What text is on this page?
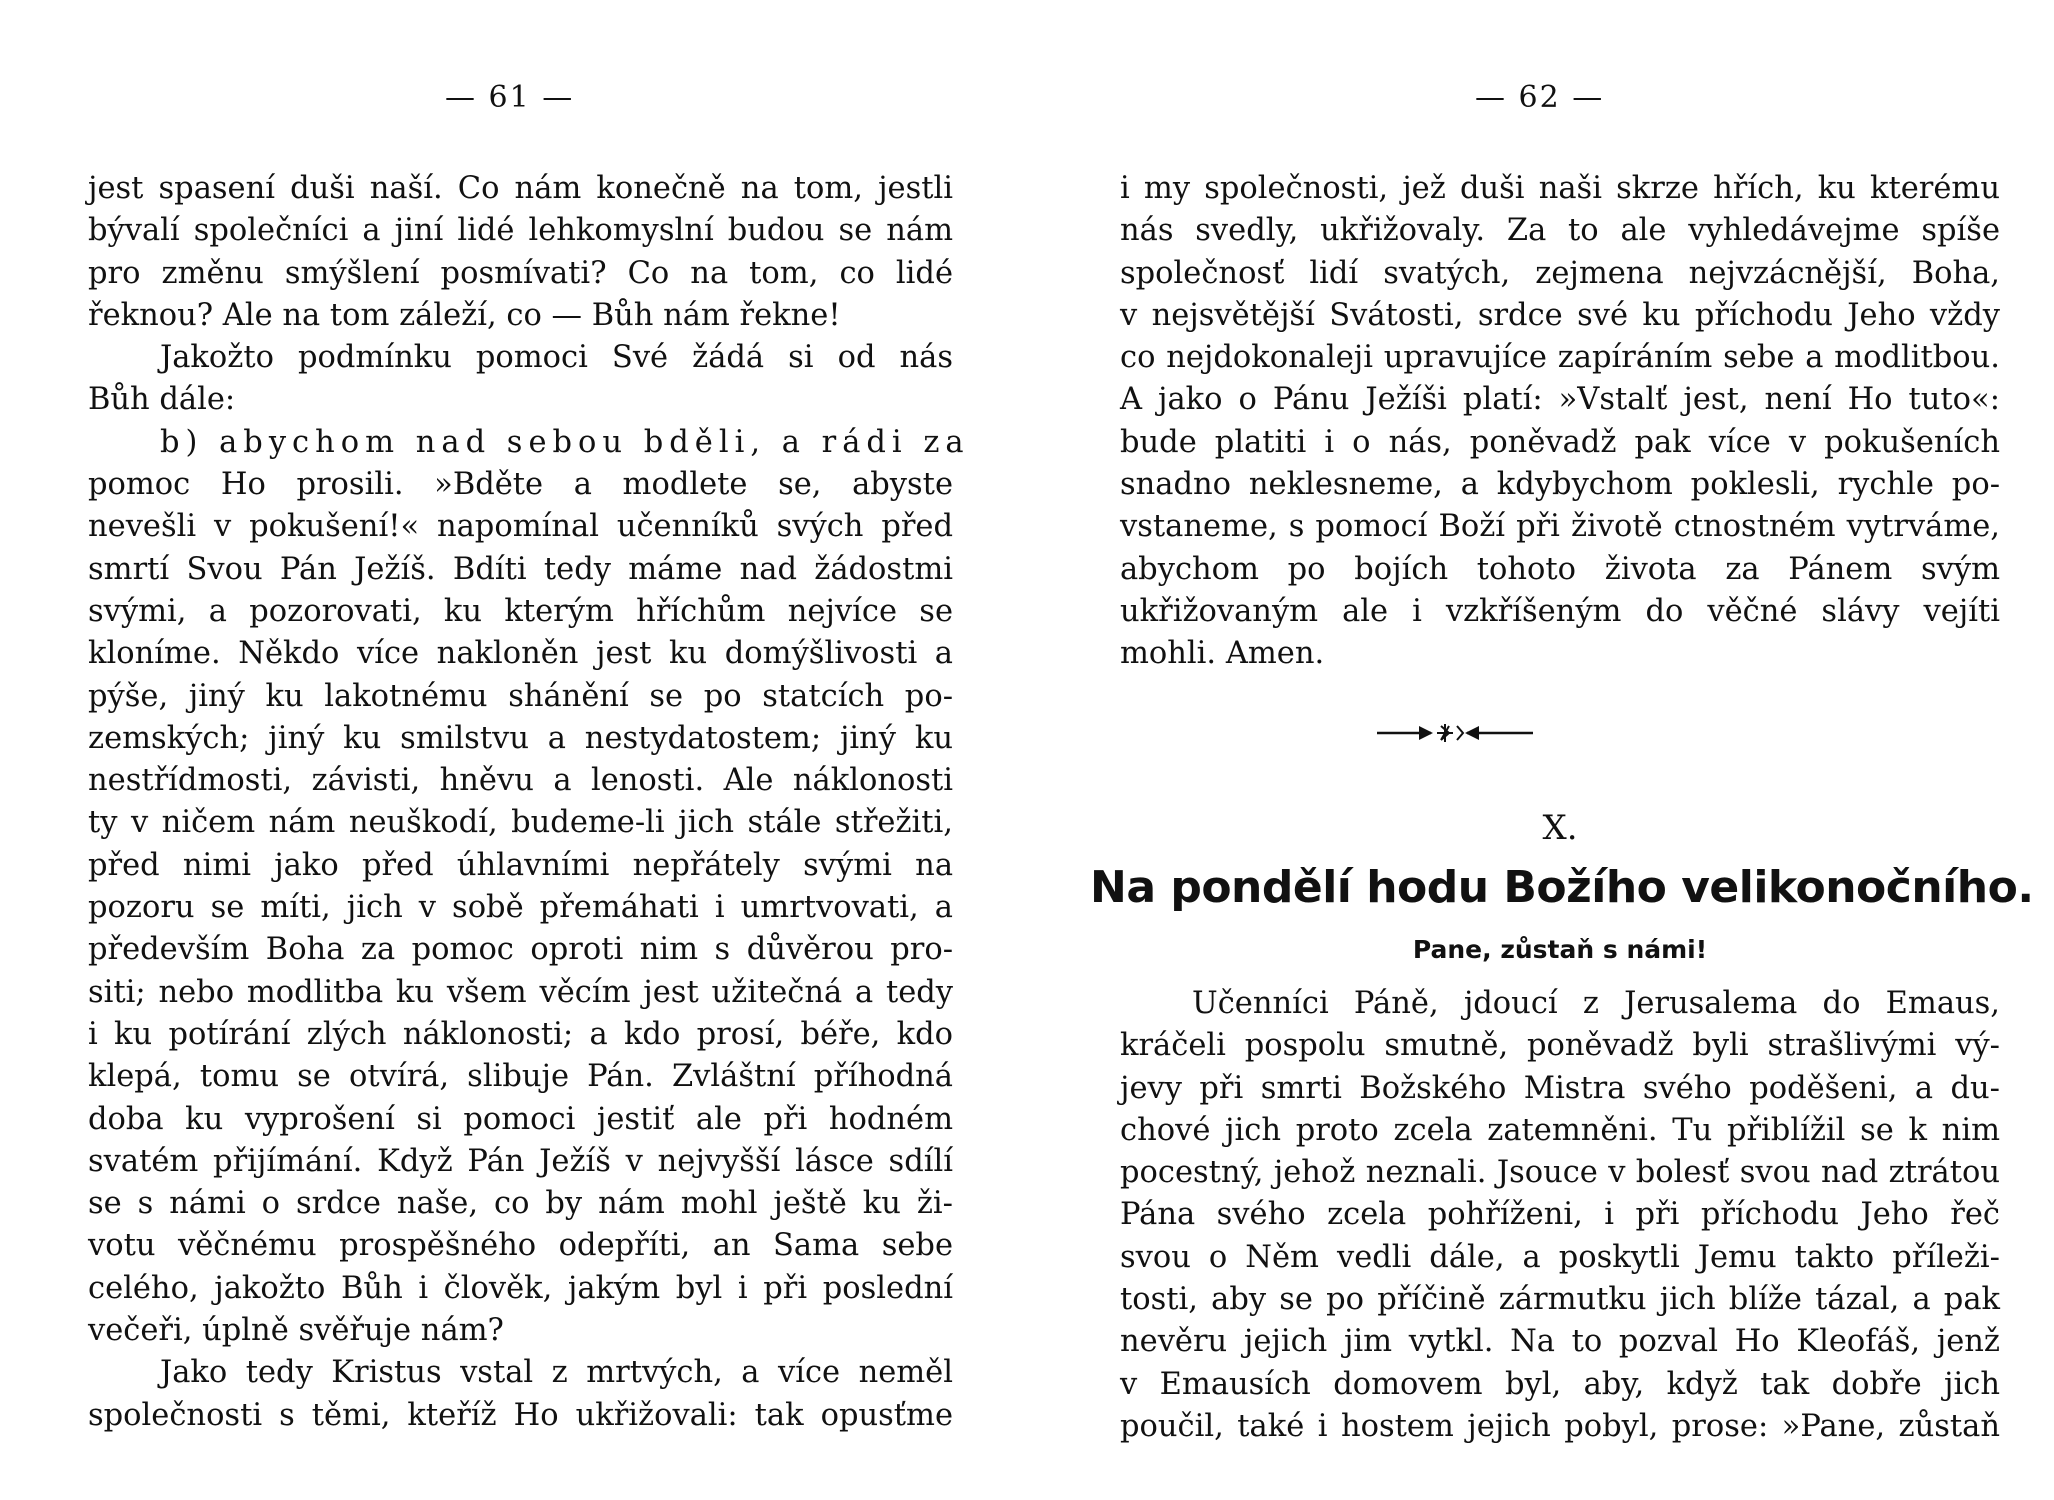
— 61 —
jest spasení duši naší. Co nám konečně na tom, jestli
bývalí společníci a jiní lidé lehkomyslní budou se nám
pro změnu smýšlení posmívati? Co na tom, co lidé
řeknou? Ale na tom záleží, co — Bůh nám řekne!
Jakožto podmínku pomoci Své žádá si od nás
Bůh dále:
b) abychom nad sebou bděli, a rádi za
pomoc Ho prosili. »Bděte a modlete se, abyste
nevešli v pokušení!« napomínal učenníků svých před
smrtí Svou Pán Ježíš. Bdíti tedy máme nad žádostmi
svými, a pozorovati, ku kterým hříchům nejvíce se
kloníme. Někdo více nakloněn jest ku domýšlivosti a
pýše, jiný ku lakotnému shánění se po statcích po-
zemských; jiný ku smilstvu a nestydatostem; jiný ku
nestřídmosti, závisti, hněvu a lenosti. Ale náklonosti
ty v ničem nám neuškodí, budeme-li jich stále střežiti,
před nimi jako před úhlavními nepřátely svými na
pozoru se míti, jich v sobě přemáhati i umrtvovati, a
především Boha za pomoc oproti nim s důvěrou pro-
siti; nebo modlitba ku všem věcím jest užitečná a tedy
i ku potírání zlých náklonosti; a kdo prosí, béře, kdo
klepá, tomu se otvírá, slibuje Pán. Zvláštní příhodná
doba ku vyprošení si pomoci jestiť ale při hodném
svatém přijímání. Když Pán Ježíš v nejvyšší lásce sdílí
se s námi o srdce naše, co by nám mohl ještě ku ži-
votu věčnému prospěšného odepříti, an Sama sebe
celého, jakožto Bůh i člověk, jakým byl i při poslední
večeři, úplně svěřuje nám?
Jako tedy Kristus vstal z mrtvých, a více neměl
společnosti s těmi, kteříž Ho ukřižovali: tak opusťme
— 62 —
i my společnosti, jež duši naši skrze hřích, ku kterému
nás svedly, ukřižovaly. Za to ale vyhledávejme spíše
společnosť lidí svatých, zejmena nejvzácnější, Boha,
v nejsvětější Svátosti, srdce své ku příchodu Jeho vždy
co nejdokonaleji upravujíce zapíráním sebe a modlitbou.
A jako o Pánu Ježíši platí: »Vstalť jest, není Ho tuto«:
bude platiti i o nás, poněvadž pak více v pokušeních
snadno neklesneme, a kdybychom poklesli, rychle po-
vstaneme, s pomocí Boží při životě ctnostném vytrváme,
abychom po bojích tohoto života za Pánem svým
ukřižovaným ale i vzkříšeným do věčné slávy vejíti
mohli. Amen.
X.
Na pondělí hodu Božího velikonočního.
Pane, zůstaň s námi!
Učenníci Páně, jdoucí z Jerusalema do Emaus,
kráčeli pospolu smutně, poněvadž byli strašlivými vý-
jevy při smrti Božského Mistra svého poděšeni, a du-
chové jich proto zcela zatemněni. Tu přiblížil se k nim
pocestný, jehož neznali. Jsouce v bolesť svou nad ztrátou
Pána svého zcela pohříženi, i při příchodu Jeho řeč
svou o Něm vedli dále, a poskytli Jemu takto příleži-
tosti, aby se po příčině zármutku jich blíže tázal, a pak
nevěru jejich jim vytkl. Na to pozval Ho Kleofáš, jenž
v Emausích domovem byl, aby, když tak dobře jich
poučil, také i hostem jejich pobyl, prose: »Pane, zůstaň
